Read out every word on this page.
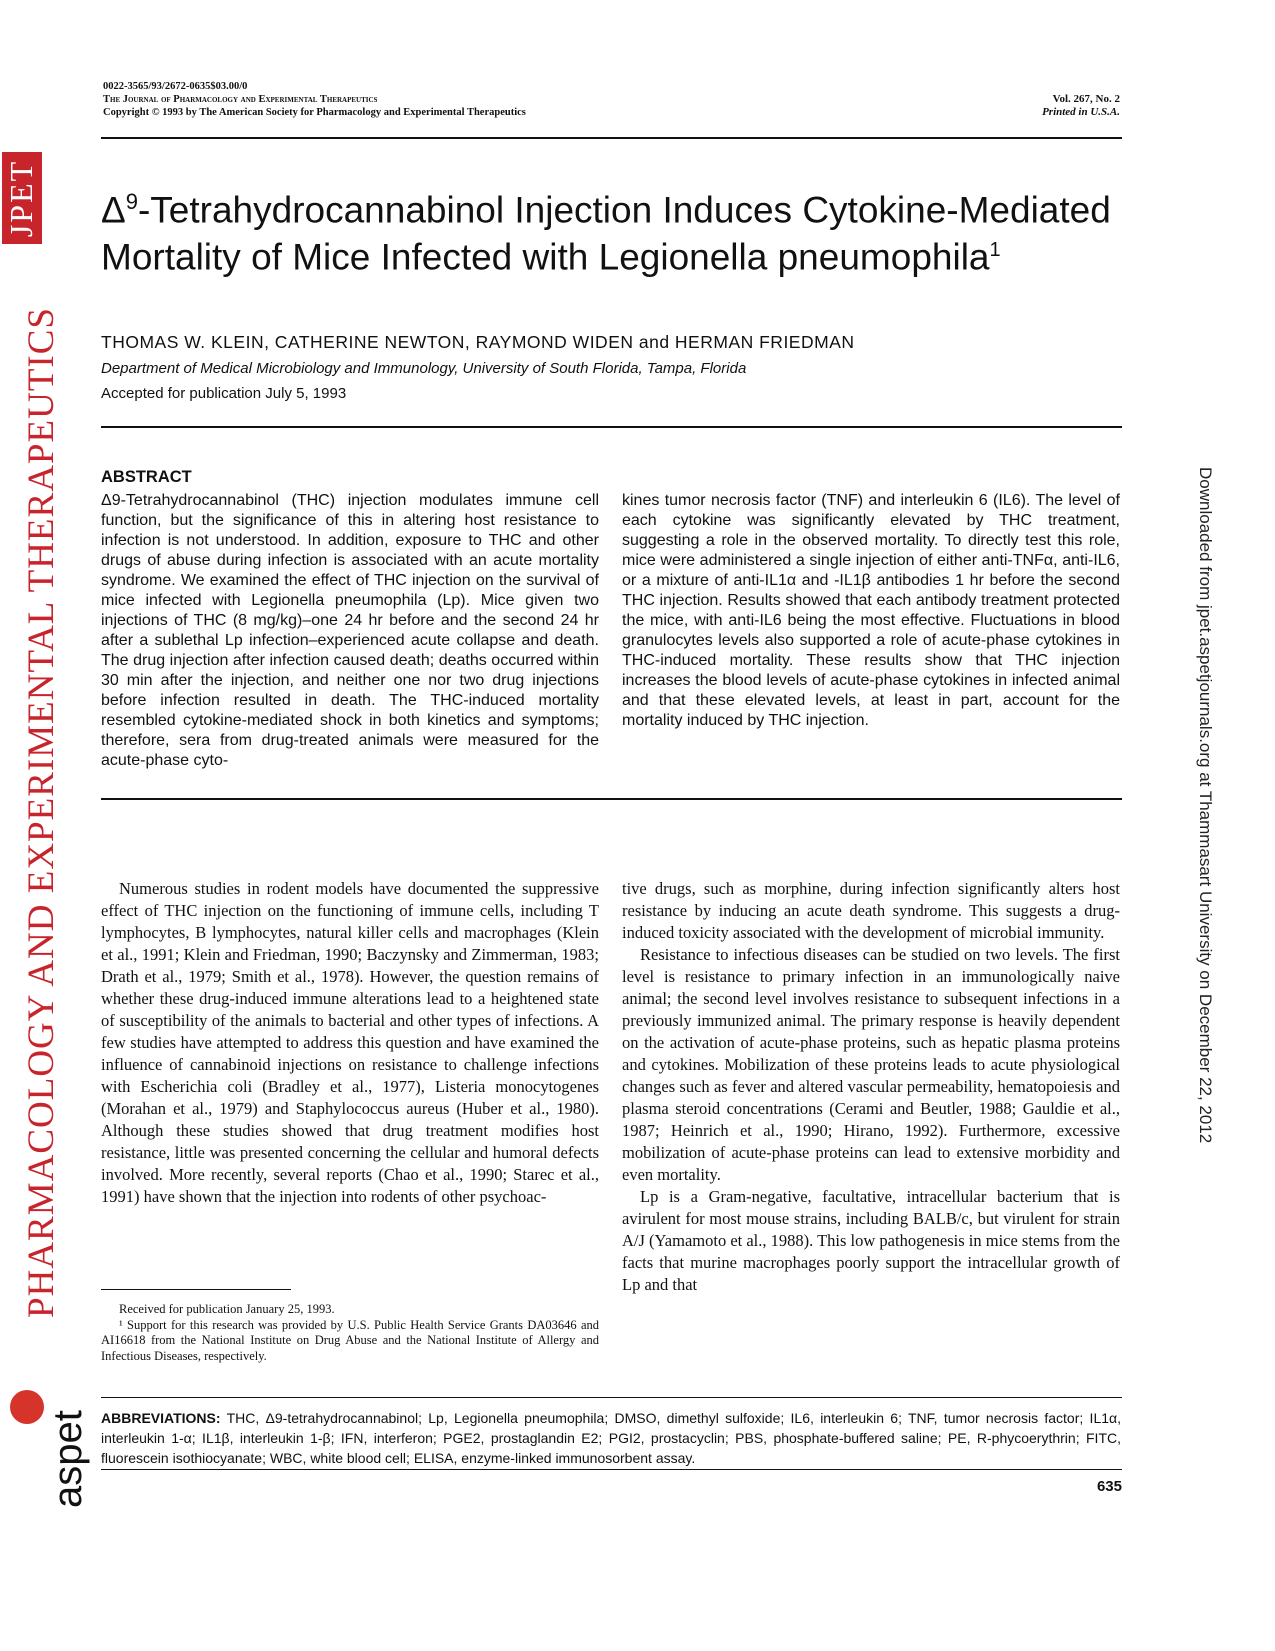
JPET
PHARMACOLOGY AND EXPERIMENTAL THERAPEUTICS
aspet
Downloaded from jpet.aspetjournals.org at Thammasart University on December 22, 2012
0022-3565/93/2672-0635$03.00/0
The Journal of Pharmacology and Experimental Therapeutics
Copyright © 1993 by The American Society for Pharmacology and Experimental Therapeutics
Vol. 267, No. 2
Printed in U.S.A.
$\Delta^9$-Tetrahydrocannabinol Injection Induces Cytokine-Mediated
Mortality of Mice Infected with Legionella pneumophila$^1$
THOMAS W. KLEIN, CATHERINE NEWTON, RAYMOND WIDEN and HERMAN FRIEDMAN
Department of Medical Microbiology and Immunology, University of South Florida, Tampa, Florida
Accepted for publication July 5, 1993
ABSTRACT
Δ9-Tetrahydrocannabinol (THC) injection modulates immune cell function, but the significance of this in altering host resistance to infection is not understood. In addition, exposure to THC and other drugs of abuse during infection is associated with an acute mortality syndrome. We examined the effect of THC injection on the survival of mice infected with Legionella pneumophila (Lp). Mice given two injections of THC (8 mg/kg)–one 24 hr before and the second 24 hr after a sublethal Lp infection–experienced acute collapse and death. The drug injection after infection caused death; deaths occurred within 30 min after the injection, and neither one nor two drug injections before infection resulted in death. The THC-induced mortality resembled cytokine-mediated shock in both kinetics and symptoms; therefore, sera from drug-treated animals were measured for the acute-phase cyto-
kines tumor necrosis factor (TNF) and interleukin 6 (IL6). The level of each cytokine was significantly elevated by THC treatment, suggesting a role in the observed mortality. To directly test this role, mice were administered a single injection of either anti-TNFα, anti-IL6, or a mixture of anti-IL1α and -IL1β antibodies 1 hr before the second THC injection. Results showed that each antibody treatment protected the mice, with anti-IL6 being the most effective. Fluctuations in blood granulocytes levels also supported a role of acute-phase cytokines in THC-induced mortality. These results show that THC injection increases the blood levels of acute-phase cytokines in infected animal and that these elevated levels, at least in part, account for the mortality induced by THC injection.

Numerous studies in rodent models have documented the suppressive effect of THC injection on the functioning of immune cells, including T lymphocytes, B lymphocytes, natural killer cells and macrophages (Klein et al., 1991; Klein and Friedman, 1990; Baczynsky and Zimmerman, 1983; Drath et al., 1979; Smith et al., 1978). However, the question remains of whether these drug-induced immune alterations lead to a heightened state of susceptibility of the animals to bacterial and other types of infections. A few studies have attempted to address this question and have examined the influence of cannabinoid injections on resistance to challenge infections with Escherichia coli (Bradley et al., 1977), Listeria monocytogenes (Morahan et al., 1979) and Staphylococcus aureus (Huber et al., 1980). Although these studies showed that drug treatment modifies host resistance, little was presented concerning the cellular and humoral defects involved. More recently, several reports (Chao et al., 1990; Starec et al., 1991) have shown that the injection into rodents of other psychoac-

tive drugs, such as morphine, during infection significantly alters host resistance by inducing an acute death syndrome. This suggests a drug-induced toxicity associated with the development of microbial immunity.

Resistance to infectious diseases can be studied on two levels. The first level is resistance to primary infection in an immunologically naive animal; the second level involves resistance to subsequent infections in a previously immunized animal. The primary response is heavily dependent on the activation of acute-phase proteins, such as hepatic plasma proteins and cytokines. Mobilization of these proteins leads to acute physiological changes such as fever and altered vascular permeability, hematopoiesis and plasma steroid concentrations (Cerami and Beutler, 1988; Gauldie et al., 1987; Heinrich et al., 1990; Hirano, 1992). Furthermore, excessive mobilization of acute-phase proteins can lead to extensive morbidity and even mortality.

Lp is a Gram-negative, facultative, intracellular bacterium that is avirulent for most mouse strains, including BALB/c, but virulent for strain A/J (Yamamoto et al., 1988). This low pathogenesis in mice stems from the facts that murine macrophages poorly support the intracellular growth of Lp and that

Received for publication January 25, 1993.

¹ Support for this research was provided by U.S. Public Health Service Grants DA03646 and AI16618 from the National Institute on Drug Abuse and the National Institute of Allergy and Infectious Diseases, respectively.

ABBREVIATIONS: THC, Δ9-tetrahydrocannabinol; Lp, Legionella pneumophila; DMSO, dimethyl sulfoxide; IL6, interleukin 6; TNF, tumor necrosis factor; IL1α, interleukin 1-α; IL1β, interleukin 1-β; IFN, interferon; PGE2, prostaglandin E2; PGI2, prostacyclin; PBS, phosphate-buffered saline; PE, R-phycoerythrin; FITC, fluorescein isothiocyanate; WBC, white blood cell; ELISA, enzyme-linked immunosorbent assay.
635
